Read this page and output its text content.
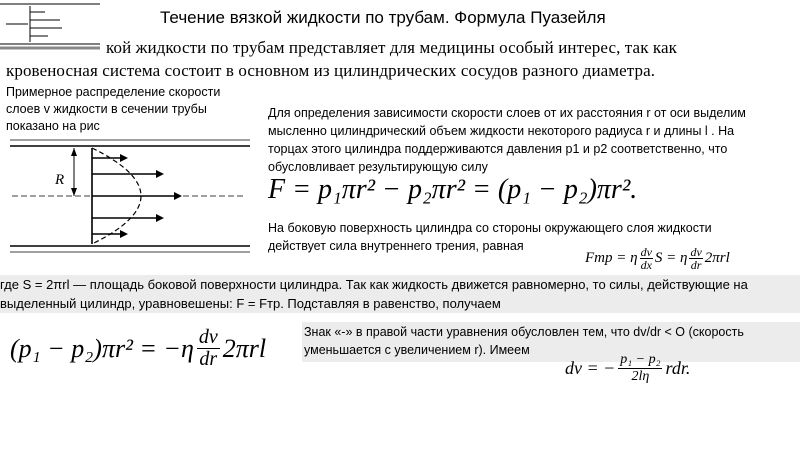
Течение вязкой жидкости по трубам. Формула Пуазейля
кой жидкости по трубам представляет для медицины особый интерес, так как
кровеносная система состоит в основном из цилиндрических сосудов разного диаметра.
Примерное распределение скорости
слоев v жидкости в сечении трубы
показано на рис
R
Для определения зависимости скорости слоев от их расстояния r от оси выделим
мысленно цилиндрический объем жидкости некоторого радиуса r и длины l . На
торцах этого цилиндра поддерживаются давления p1 и p2 соответственно, что
обусловливает результирующую силу
F = p₁πr² − p₂πr² = (p₁ − p₂)πr².
На боковую поверхность цилиндра со стороны окружающего слоя жидкости
действует сила внутреннего трения, равная
Fтр = η $\frac{dv}{dx}$ S = η $\frac{dv}{dr} 2\pi rl$
где S = 2πrl — площадь боковой поверхности цилиндра. Так как жидкость движется равномерно, то силы, действующие на
выделенный цилиндр, уравновешены: F = Fтр. Подставляя в равенство, получаем
$(p_1 - p_2)\pi r^2 = -\eta \frac{dv}{dr} 2\pi rl$
Знак «-» в правой части уравнения обусловлен тем, что dv/dr < O (скорость
уменьшается с увеличением r). Имеем
dv = − $\frac{\text{p₁ − p₂}}{2l\eta}$ rdr.
